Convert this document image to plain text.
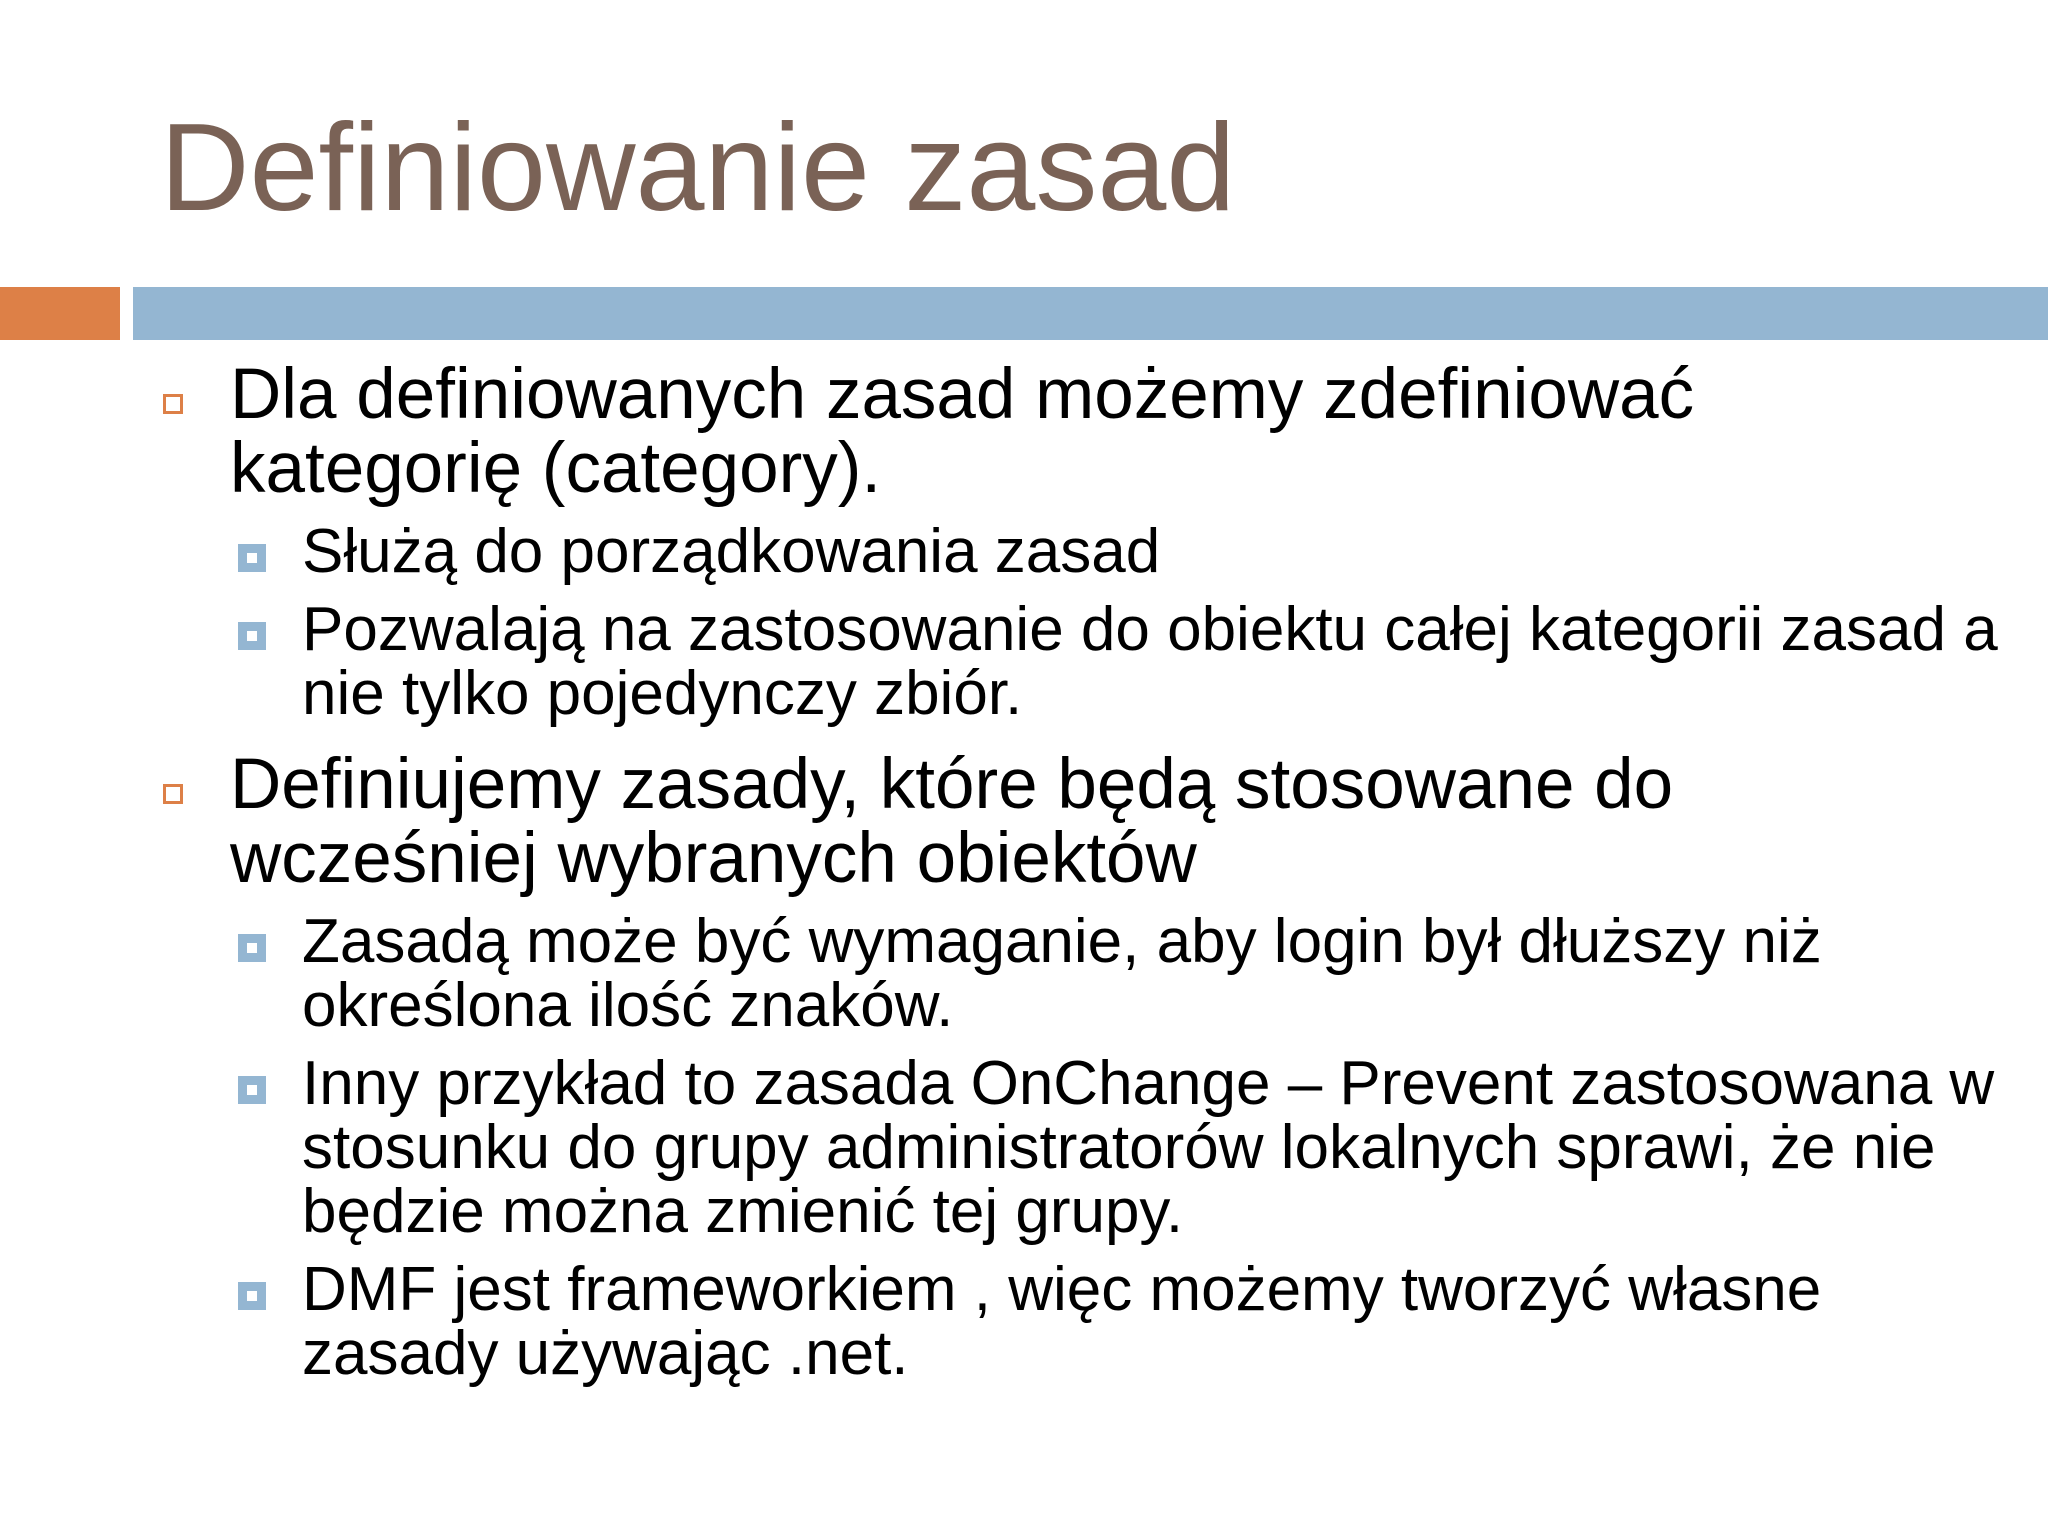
Definiowanie zasad
Dla definiowanych zasad możemy zdefiniować kategorię (category).
Służą do porządkowania zasad
Pozwalają na zastosowanie do obiektu całej kategorii zasad a nie tylko pojedynczy zbiór.
Definiujemy zasady, które będą stosowane do wcześniej wybranych obiektów
Zasadą może być wymaganie, aby login był dłuższy niż określona ilość znaków.
Inny przykład to zasada OnChange – Prevent zastosowana w stosunku do grupy administratorów lokalnych sprawi, że nie będzie można zmienić tej grupy.
DMF jest frameworkiem , więc możemy tworzyć własne zasady używając .net.
